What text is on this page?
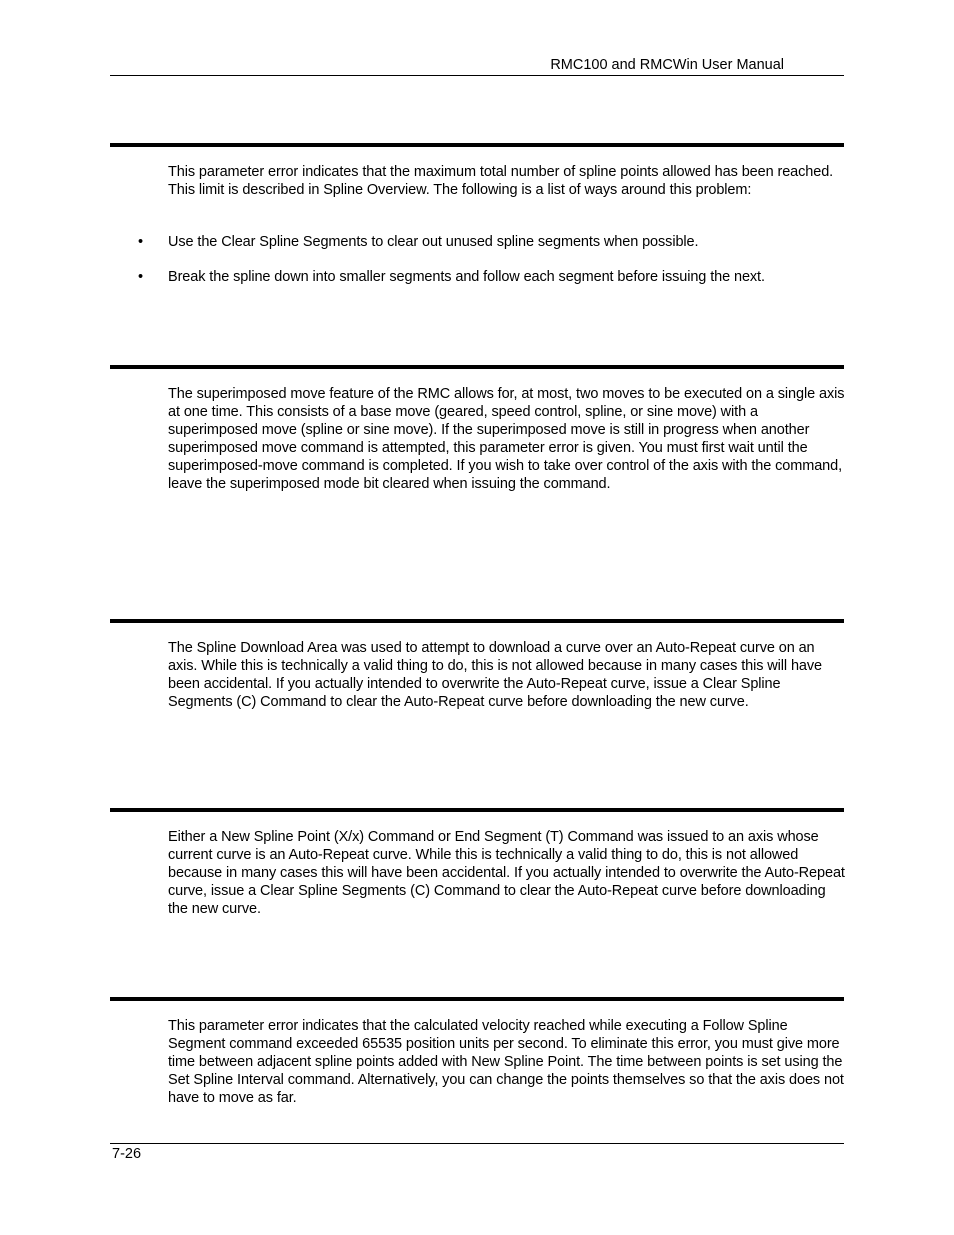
RMC100 and RMCWin User Manual

This parameter error indicates that the maximum total number of spline points allowed has been reached. This limit is described in Spline Overview. The following is a list of ways around this problem:

•	Use the Clear Spline Segments to clear out unused spline segments when possible.
•	Break the spline down into smaller segments and follow each segment before issuing the next.

The superimposed move feature of the RMC allows for, at most, two moves to be executed on a single axis at one time. This consists of a base move (geared, speed control, spline, or sine move) with a superimposed move (spline or sine move). If the superimposed move is still in progress when another superimposed move command is attempted, this parameter error is given. You must first wait until the superimposed-move command is completed. If you wish to take over control of the axis with the command, leave the superimposed mode bit cleared when issuing the command.

The Spline Download Area was used to attempt to download a curve over an Auto-Repeat curve on an axis. While this is technically a valid thing to do, this is not allowed because in many cases this will have been accidental. If you actually intended to overwrite the Auto-Repeat curve, issue a Clear Spline Segments (C) Command to clear the Auto-Repeat curve before downloading the new curve.

Either a New Spline Point (X/x) Command or End Segment (T) Command was issued to an axis whose current curve is an Auto-Repeat curve. While this is technically a valid thing to do, this is not allowed because in many cases this will have been accidental. If you actually intended to overwrite the Auto-Repeat curve, issue a Clear Spline Segments (C) Command to clear the Auto-Repeat curve before downloading the new curve.

This parameter error indicates that the calculated velocity reached while executing a Follow Spline Segment command exceeded 65535 position units per second. To eliminate this error, you must give more time between adjacent spline points added with New Spline Point. The time between points is set using the Set Spline Interval command. Alternatively, you can change the points themselves so that the axis does not have to move as far.

7-26
